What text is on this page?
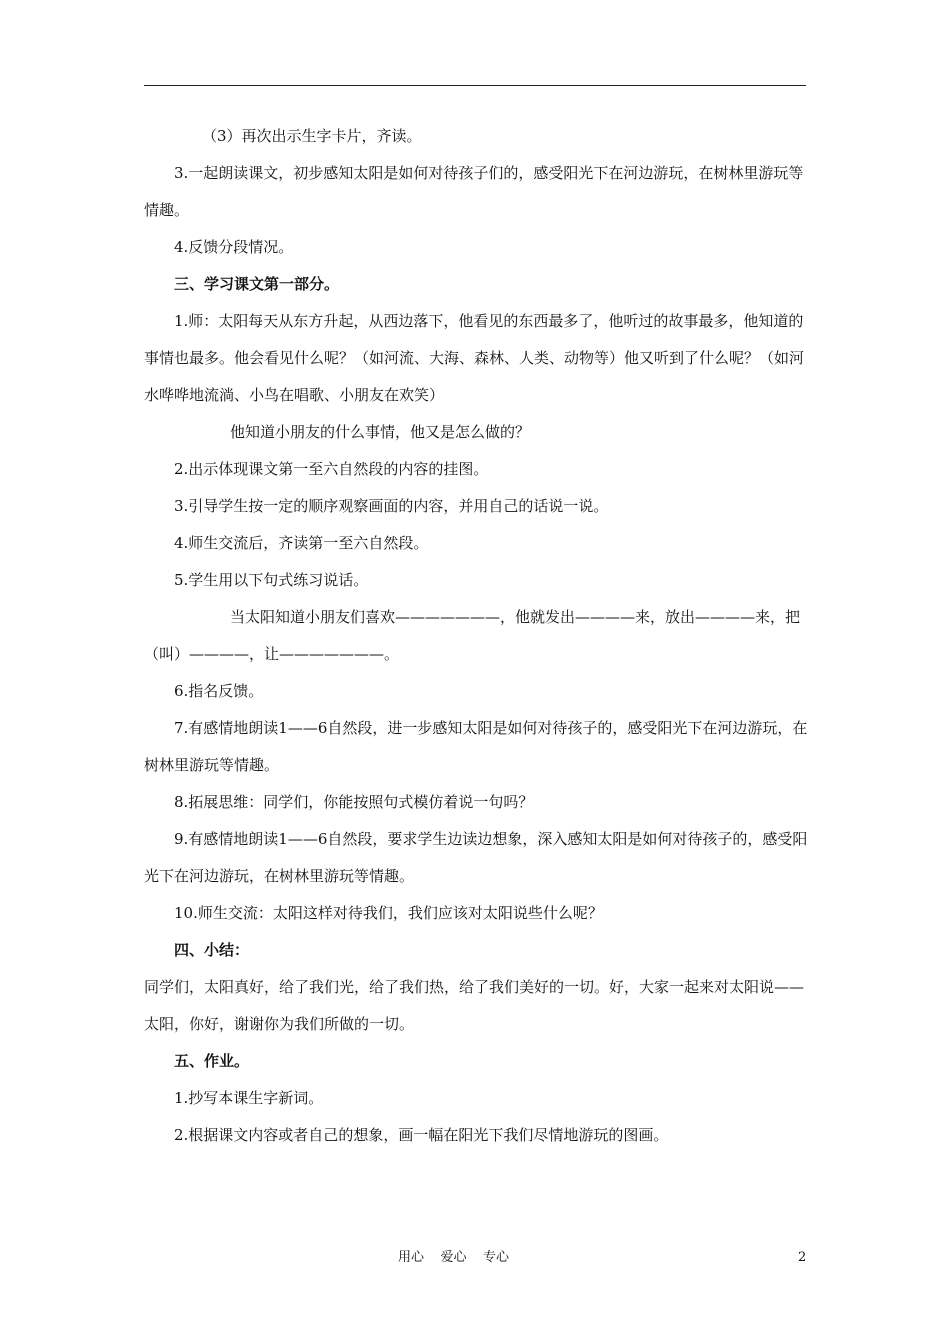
（3）再次出示生字卡片，齐读。

3.一起朗读课文，初步感知太阳是如何对待孩子们的，感受阳光下在河边游玩，在树林里游玩等情趣。

4.反馈分段情况。

三、学习课文第一部分。

1.师：太阳每天从东方升起，从西边落下，他看见的东西最多了，他听过的故事最多，他知道的事情也最多。他会看见什么呢？（如河流、大海、森林、人类、动物等）他又听到了什么呢？（如河水哗哗地流淌、小鸟在唱歌、小朋友在欢笑）

他知道小朋友的什么事情，他又是怎么做的？

2.出示体现课文第一至六自然段的内容的挂图。

3.引导学生按一定的顺序观察画面的内容，并用自己的话说一说。

4.师生交流后，齐读第一至六自然段。

5.学生用以下句式练习说话。

当太阳知道小朋友们喜欢———————，他就发出————来，放出————来，把（叫）————，让———————。

6.指名反馈。

7.有感情地朗读1——6自然段，进一步感知太阳是如何对待孩子的，感受阳光下在河边游玩，在树林里游玩等情趣。

8.拓展思维：同学们，你能按照句式模仿着说一句吗？

9.有感情地朗读1——6自然段，要求学生边读边想象，深入感知太阳是如何对待孩子的，感受阳光下在河边游玩，在树林里游玩等情趣。

10.师生交流：太阳这样对待我们，我们应该对太阳说些什么呢？

四、小结：

同学们，太阳真好，给了我们光，给了我们热，给了我们美好的一切。好，大家一起来对太阳说——太阳，你好，谢谢你为我们所做的一切。

五、作业。

1.抄写本课生字新词。

2.根据课文内容或者自己的想象，画一幅在阳光下我们尽情地游玩的图画。

用心    爱心    专心	2
